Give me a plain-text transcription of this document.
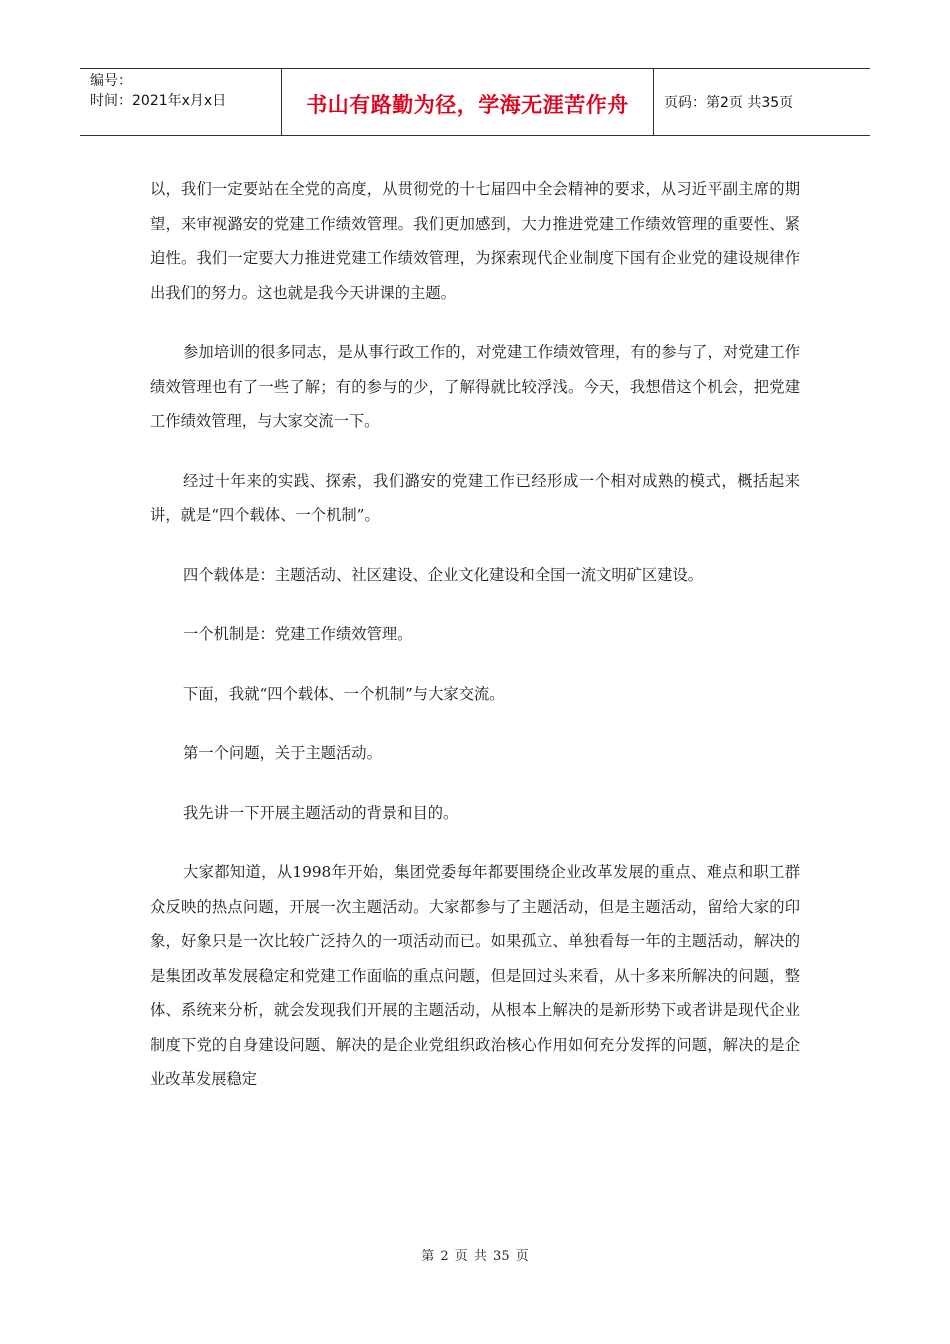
编号：
时间：2021年x月x日	书山有路勤为径，学海无涯苦作舟	页码：第2页 共35页

以，我们一定要站在全党的高度，从贯彻党的十七届四中全会精神的要求，从习近平副主席的期望，来审视潞安的党建工作绩效管理。我们更加感到，大力推进党建工作绩效管理的重要性、紧迫性。我们一定要大力推进党建工作绩效管理，为探索现代企业制度下国有企业党的建设规律作出我们的努力。这也就是我今天讲课的主题。

参加培训的很多同志，是从事行政工作的，对党建工作绩效管理，有的参与了，对党建工作绩效管理也有了一些了解；有的参与的少，了解得就比较浮浅。今天，我想借这个机会，把党建工作绩效管理，与大家交流一下。

经过十年来的实践、探索，我们潞安的党建工作已经形成一个相对成熟的模式，概括起来讲，就是“四个载体、一个机制”。

四个载体是：主题活动、社区建设、企业文化建设和全国一流文明矿区建设。

一个机制是：党建工作绩效管理。

下面，我就“四个载体、一个机制”与大家交流。

第一个问题，关于主题活动。

我先讲一下开展主题活动的背景和目的。

大家都知道，从1998年开始，集团党委每年都要围绕企业改革发展的重点、难点和职工群众反映的热点问题，开展一次主题活动。大家都参与了主题活动，但是主题活动，留给大家的印象，好象只是一次比较广泛持久的一项活动而已。如果孤立、单独看每一年的主题活动，解决的是集团改革发展稳定和党建工作面临的重点问题，但是回过头来看，从十多来所解决的问题，整体、系统来分析，就会发现我们开展的主题活动，从根本上解决的是新形势下或者讲是现代企业制度下党的自身建设问题、解决的是企业党组织政治核心作用如何充分发挥的问题，解决的是企业改革发展稳定

第 2 页 共 35 页
